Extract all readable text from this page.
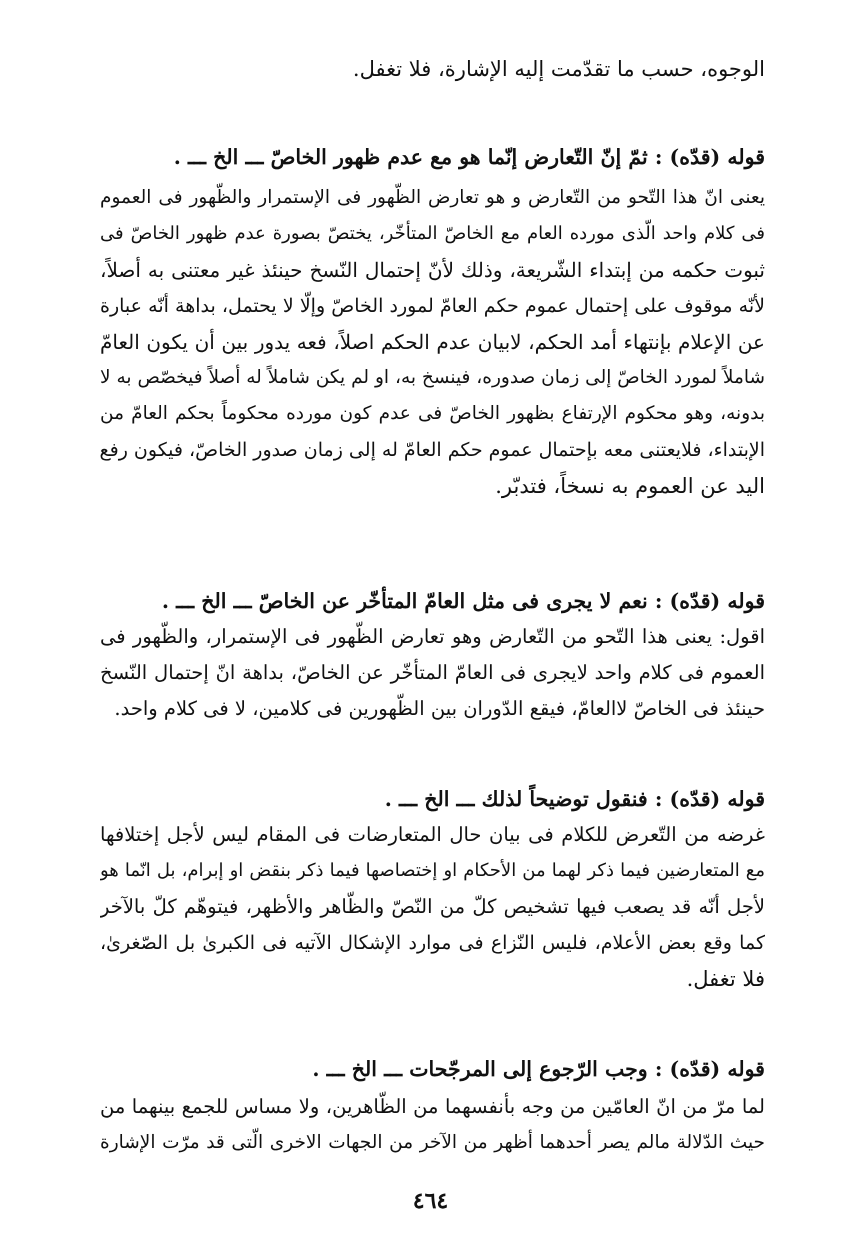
الوجوه، حسب ما تقدّمت إليه الإشارة، فلا تغفل.
قوله (قدّه) : ثمّ إنّ التّعارض إنّما هو مع عدم ظهور الخاصّ ـــ الخ ـــ .
يعنى انّ هذا التّحو من التّعارض و هو تعارض الظّهور فى الإستمرار والظّهور فى العموم
فى كلام واحد الّذى مورده العام مع الخاصّ المتأخّر، يختصّ بصورة عدم ظهور الخاصّ فى
ثبوت حكمه من إبتداء الشّريعة، وذلك لأنّ إحتمال النّسخ حينئذ غير معتنى به أصلاً،
لأنّه موقوف على إحتمال عموم حكم العامّ لمورد الخاصّ وإلّا لا يحتمل، بداهة أنّه عبارة
عن الإعلام بإنتهاء أمد الحكم، لابيان عدم الحكم اصلاً، فعه يدور بين أن يكون العامّ
شاملاً لمورد الخاصّ إلى زمان صدوره، فينسخ به، او لم يكن شاملاً له أصلاً فيخصّص به لا
بدونه، وهو محكوم الإرتفاع بظهور الخاصّ فى عدم كون مورده محكوماً بحكم العامّ من
الإبتداء، فلايعتنى معه بإحتمال عموم حكم العامّ له إلى زمان صدور الخاصّ، فيكون رفع
اليد عن العموم به نسخاً، فتدبّر.
قوله (قدّه) : نعم لا يجرى فى مثل العامّ المتأخّر عن الخاصّ ـــ الخ ـــ .
اقول: يعنى هذا التّحو من التّعارض وهو تعارض الظّهور فى الإستمرار، والظّهور فى
العموم فى كلام واحد لايجرى فى العامّ المتأخّر عن الخاصّ، بداهة انّ إحتمال النّسخ
حينئذ فى الخاصّ لاالعامّ، فيقع الدّوران بين الظّهورين فى كلامين، لا فى كلام واحد.
قوله (قدّه) : فنقول توضيحاً لذلك ـــ الخ ـــ .
غرضه من التّعرض للكلام فى بيان حال المتعارضات فى المقام ليس لأجل إختلافها
مع المتعارضين فيما ذكر لهما من الأحكام او إختصاصها فيما ذكر بنقض او إبرام، بل انّما هو
لأجل أنّه قد يصعب فيها تشخيص كلّ من النّصّ والظّاهر والأظهر، فيتوهّم كلّ بالآخر
كما وقع بعض الأعلام، فليس النّزاع فى موارد الإشكال الآتيه فى الكبرىٰ بل الصّغرىٰ،
فلا تغفل.
قوله (قدّه) : وجب الرّجوع إلى المرجّحات ـــ الخ ـــ .
لما مرّ من انّ العامّين من وجه بأنفسهما من الظّاهرين، ولا مساس للجمع بينهما من
حيث الدّلالة مالم يصر أحدهما أظهر من الآخر من الجهات الاخرى الّتى قد مرّت الإشارة
٤٦٤
